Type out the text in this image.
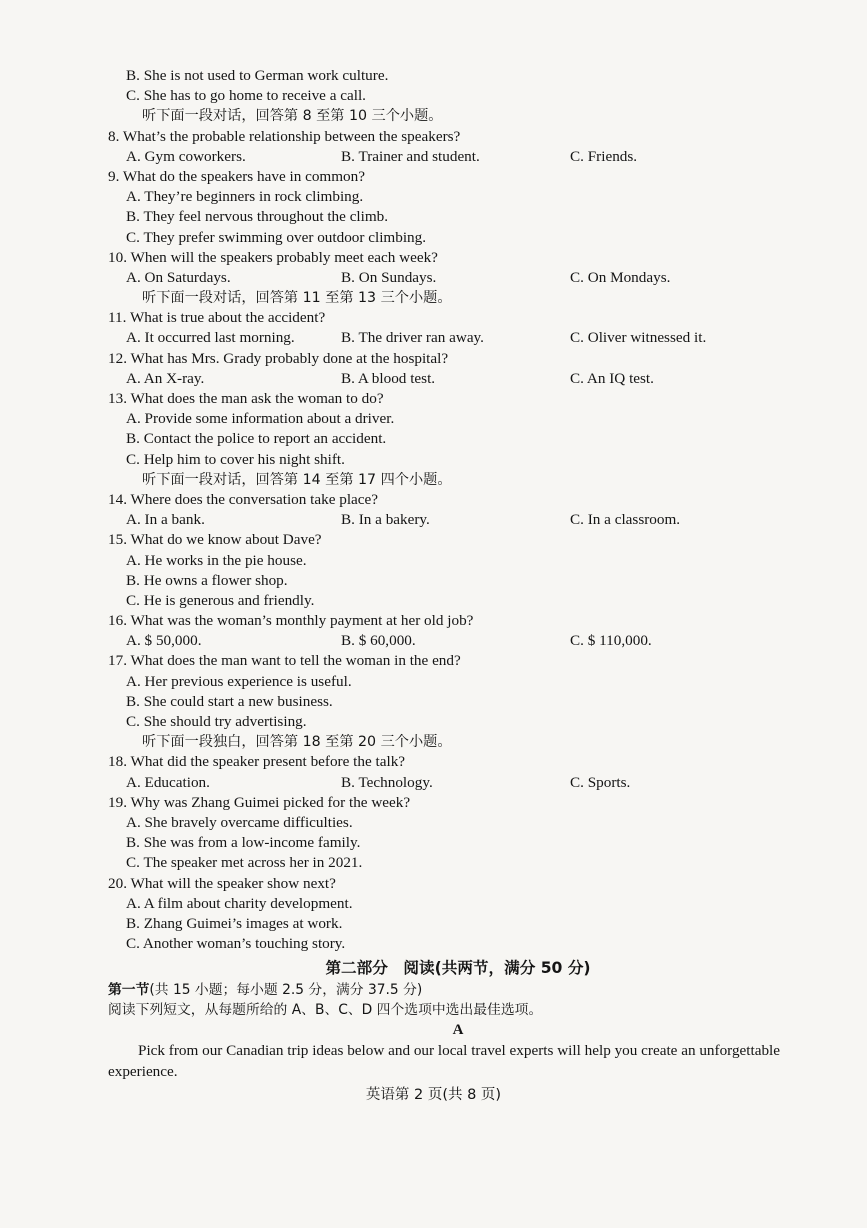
B. She is not used to German work culture.
C. She has to go home to receive a call.
听下面一段对话，回答第 8 至第 10 三个小题。
8. What’s the probable relationship between the speakers?
A. Gym coworkers.	B. Trainer and student.	C. Friends.
9. What do the speakers have in common?
A. They’re beginners in rock climbing.
B. They feel nervous throughout the climb.
C. They prefer swimming over outdoor climbing.
10. When will the speakers probably meet each week?
A. On Saturdays.	B. On Sundays.	C. On Mondays.
听下面一段对话，回答第 11 至第 13 三个小题。
11. What is true about the accident?
A. It occurred last morning.	B. The driver ran away.	C. Oliver witnessed it.
12. What has Mrs. Grady probably done at the hospital?
A. An X-ray.	B. A blood test.	C. An IQ test.
13. What does the man ask the woman to do?
A. Provide some information about a driver.
B. Contact the police to report an accident.
C. Help him to cover his night shift.
听下面一段对话，回答第 14 至第 17 四个小题。
14. Where does the conversation take place?
A. In a bank.	B. In a bakery.	C. In a classroom.
15. What do we know about Dave?
A. He works in the pie house.
B. He owns a flower shop.
C. He is generous and friendly.
16. What was the woman’s monthly payment at her old job?
A. $ 50,000.	B. $ 60,000.	C. $ 110,000.
17. What does the man want to tell the woman in the end?
A. Her previous experience is useful.
B. She could start a new business.
C. She should try advertising.
听下面一段独白，回答第 18 至第 20 三个小题。
18. What did the speaker present before the talk?
A. Education.	B. Technology.	C. Sports.
19. Why was Zhang Guimei picked for the week?
A. She bravely overcame difficulties.
B. She was from a low-income family.
C. The speaker met across her in 2021.
20. What will the speaker show next?
A. A film about charity development.
B. Zhang Guimei’s images at work.
C. Another woman’s touching story.
第二部分　阅读(共两节，满分 50 分)
第一节(共 15 小题；每小题 2.5 分，满分 37.5 分)
阅读下列短文，从每题所给的 A、B、C、D 四个选项中选出最佳选项。
A
Pick from our Canadian trip ideas below and our local travel experts will help you create an unforgettable experience.
英语第 2 页(共 8 页)
